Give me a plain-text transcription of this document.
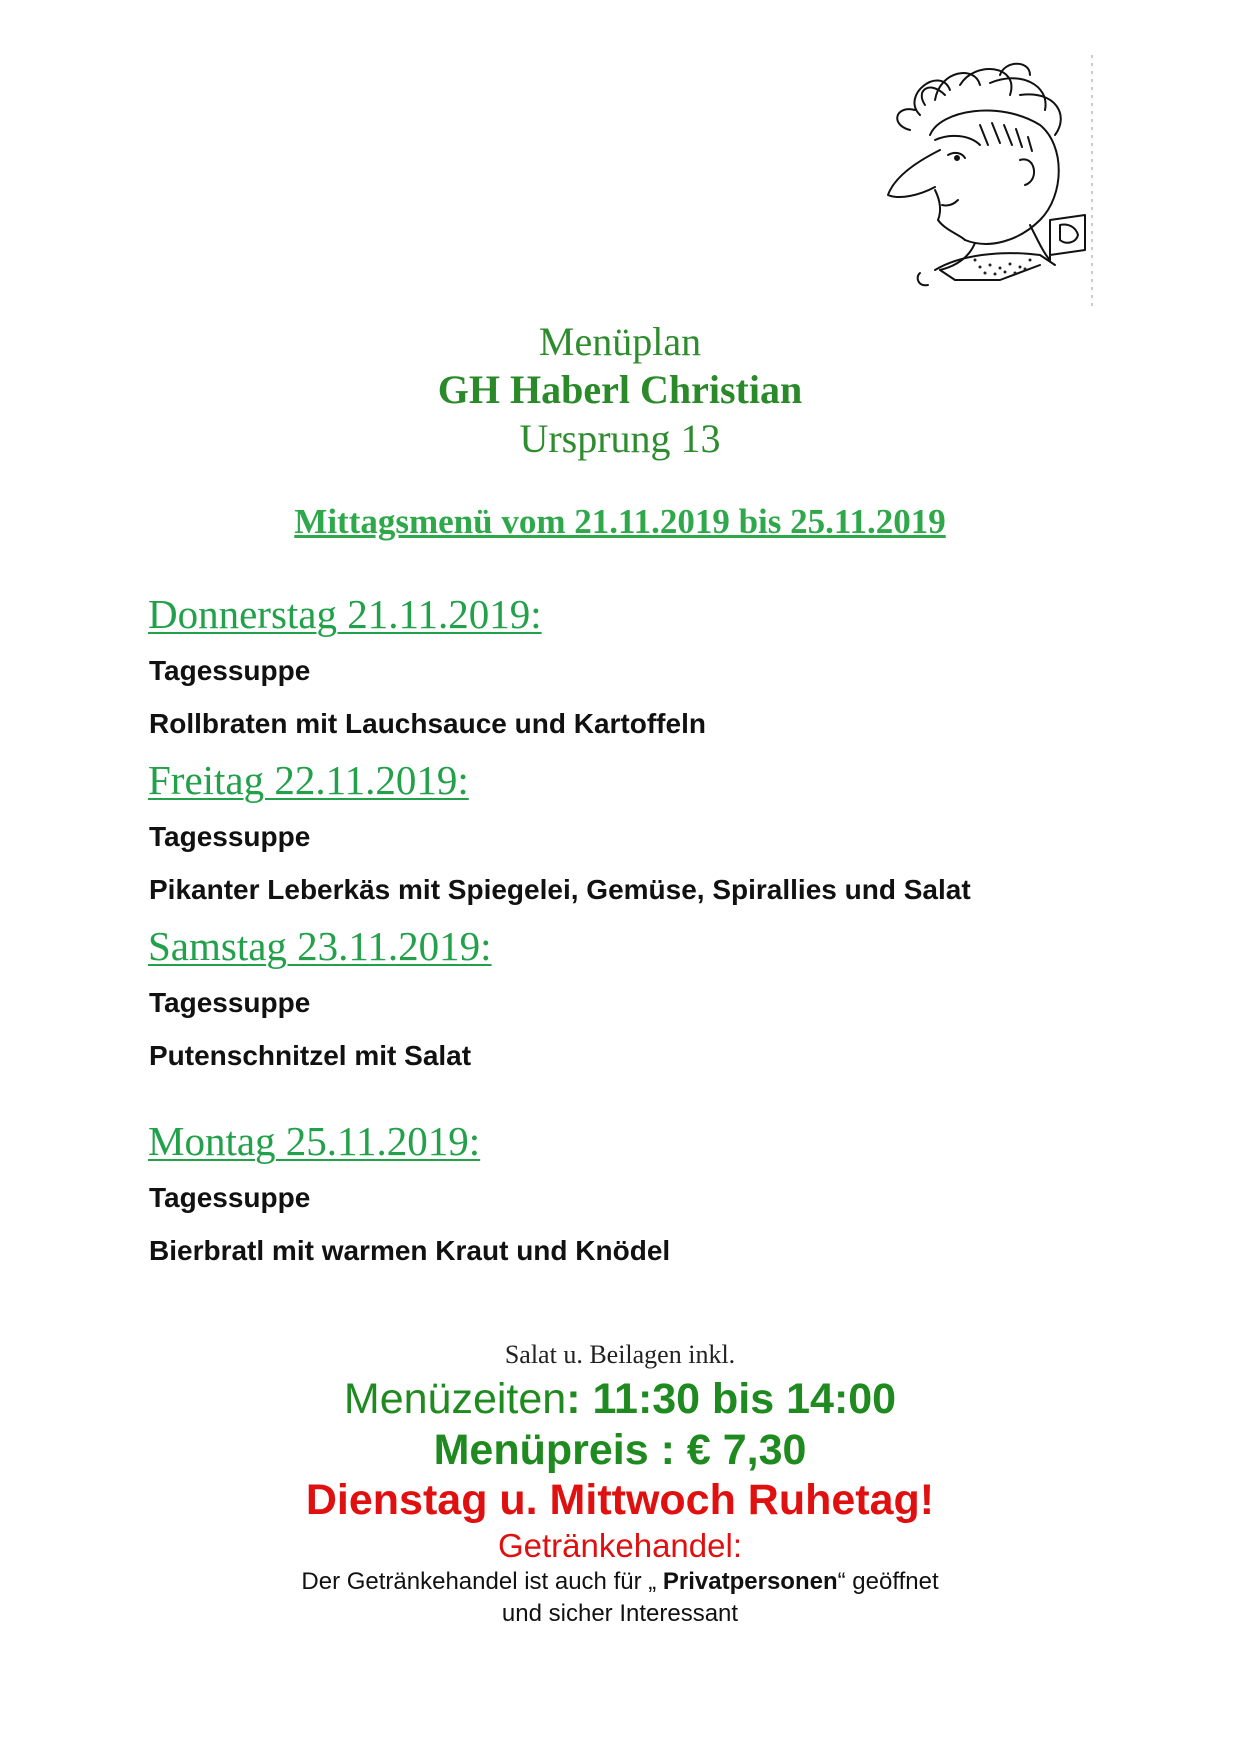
Menüplan
GH Haberl Christian
Ursprung 13
Mittagsmenü vom 21.11.2019 bis 25.11.2019
Donnerstag 21.11.2019:
Tagessuppe
Rollbraten mit Lauchsauce und Kartoffeln
Freitag 22.11.2019:
Tagessuppe
Pikanter Leberkäs mit Spiegelei, Gemüse, Spirallies und Salat
Samstag 23.11.2019:
Tagessuppe
Putenschnitzel mit Salat
Montag 25.11.2019:
Tagessuppe
Bierbratl mit warmen Kraut und Knödel
Salat u. Beilagen inkl.
Menüzeiten: 11:30 bis 14:00
Menüpreis : € 7,30
Dienstag u. Mittwoch Ruhetag!
Getränkehandel:
Der Getränkehandel ist auch für „ Privatpersonen“ geöffnet
und sicher Interessant
